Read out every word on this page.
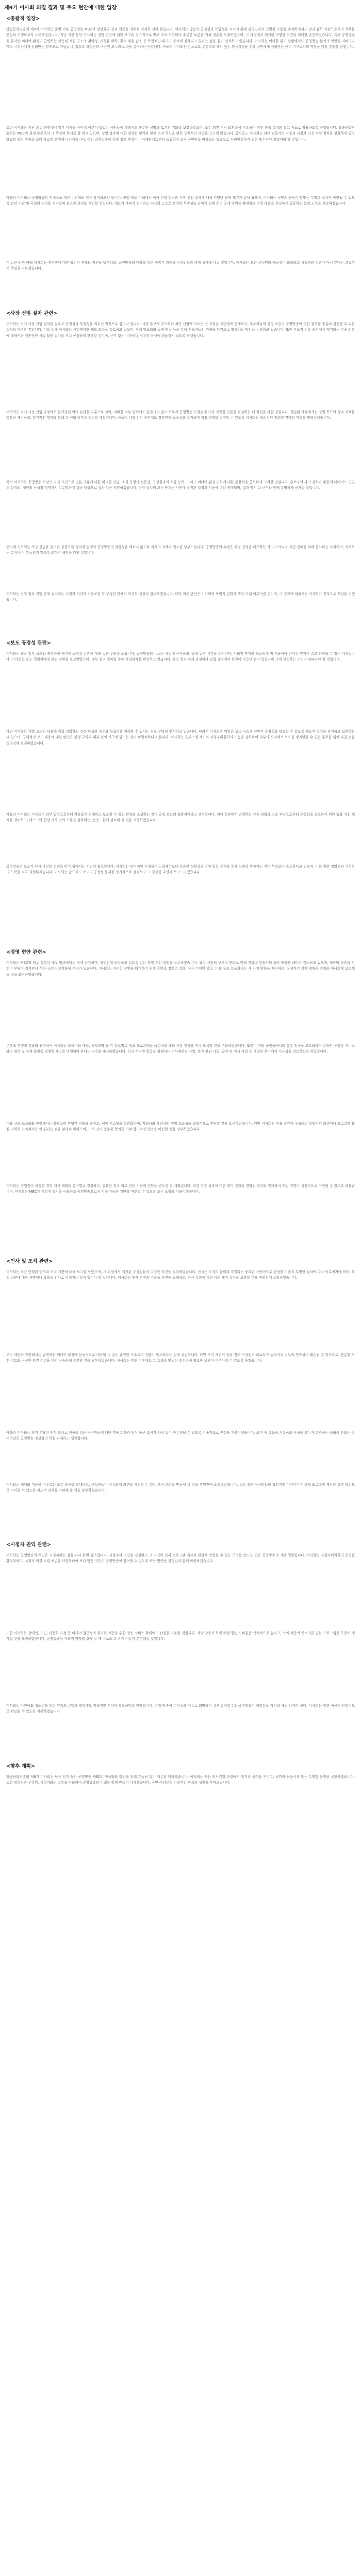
제9기 이사회 의결 결과 및 주요 현안에 대한 입장
<총괄적 입장>

방송문화진흥회 제9기 이사회는 출범 이후 공영방송 MBC의 정상화와 신뢰 회복을 최우선 과제로 삼아 왔습니다. 이사회는 방송의 공정성과 독립성을 지키기 위해 경영진과의 긴밀한 소통을 유지하면서도 관리·감독 기관으로서의 책무를 충실히 이행하고자 노력하였습니다. 지난 기간 동안 이사회는 경영 현안에 대한 보고를 정기적으로 받고 주요 사안마다 충분한 토론을 거쳐 결론을 도출하였으며, 그 과정에서 제기된 다양한 의견을 최대한 존중하였습니다. 특히 공영방송을 둘러싼 미디어 환경이 급변하는 가운데 재원 구조의 취약성, 시청률 하락, 광고 매출 감소 등 복합적인 위기가 동시에 진행되고 있다는 점을 깊이 인식하고 있습니다. 이사회는 이러한 위기 상황에서도 공영방송 본연의 역할을 저버리지 않고 시청자에게 신뢰받는 방송으로 거듭날 수 있도록 경영진과 구성원 모두의 노력을 촉구하는 바입니다. 아울러 이사회는 앞으로도 투명하고 책임 있는 의사결정을 통해 국민에게 신뢰받는 공적 기구로서의 역할을 다할 것임을 밝힙니다.

또한 이사회는 지난 의결 과정에서 일부 이사들 사이에 이견이 있었던 사안들에 대해서도 충분한 설명과 토론의 기회를 보장하였으며, 소수 의견 역시 회의록에 기록하여 향후 정책 결정의 참고 자료로 활용하도록 하였습니다. 방송문화진흥회는 MBC의 최대 주주로서 그 책임의 무게를 잘 알고 있으며, 경영 성과에 대한 냉정한 평가와 함께 조직 혁신을 위한 구체적인 대안을 요구해 왔습니다. 앞으로도 이사회는 외부 전문가의 자문과 시청자 의견 수렴 절차를 강화하여 공영방송의 발전 방향을 보다 폭넓게 모색해 나가겠습니다. 이는 공영방송이 특정 정치 세력이나 이해관계로부터 독립하여 오직 국민만을 바라보는 방송으로 자리매김하기 위한 필수적인 과정이라 할 것입니다.

아울러 이사회는 공영방송의 지배구조 개선 논의에도 적극 참여하고자 합니다. 현행 제도 아래에서 이사 선임 방식과 사장 선임 절차에 대해 다양한 문제 제기가 있어 왔으며, 이사회는 국민의 눈높이에 맞는 투명한 절차가 마련될 수 있도록 관련 기관 및 국회의 논의를 지켜보며 필요한 의견을 개진할 것입니다. 제도가 바뀌기 전이라도 이사회 스스로 운영의 투명성을 높이기 위해 회의 공개 범위를 확대하고 의결 내용을 신속하게 공표하는 등의 노력을 지속하겠습니다.

이 같은 원칙 아래 이사회는 경영진에 대한 합리적 견제와 지원을 병행하고, 공영방송의 미래를 위한 중장기 과제를 구성원들과 함께 설계해 나갈 것입니다. 이사회는 모든 구성원의 자긍심이 회복되고 시청자의 신뢰가 다시 쌓이는 그날까지 책임을 다하겠습니다.

<사장 선임 절차 관련>

이사회는 차기 사장 선임 절차를 앞두고 공정성과 투명성을 최우선 원칙으로 삼고자 합니다. 사장 후보자 공모부터 최종 선임에 이르는 전 과정을 국민에게 공개하고, 후보자들의 경영 비전과 공영방송에 대한 철학을 충분히 검증할 수 있는 절차를 마련할 것입니다. 이를 위해 이사회는 시민평가단 제도 도입을 검토하고 있으며, 정책 발표회와 공개 면접 등을 통해 후보자들의 역량을 다각도로 평가하는 방안을 논의하고 있습니다. 또한 후보자 검증 과정에서 제기되는 각종 의혹에 대해서는 객관적인 사실 확인 절차를 거쳐 공정하게 판단할 것이며, 근거 없는 비방이나 정치적 공세에 휘둘리지 않도록 하겠습니다.

이사회는 과거 사장 선임 과정에서 불거졌던 여러 논란을 교훈으로 삼아, 어떠한 외부 압력에도 흔들리지 않고 오로지 공영방송의 발전에 가장 적합한 인물을 선임하는 데 최선을 다할 것입니다. 선임된 사장에게는 경영 목표와 성과 지표를 명확히 제시하고, 정기적인 평가를 통해 그 이행 여부를 점검할 계획입니다. 아울러 사장 선임 이후에도 경영진이 독립성을 유지하며 책임 경영을 실천할 수 있도록 이사회는 합리적인 지원과 견제의 역할을 병행하겠습니다.

특히 이사회는 공영방송 사장의 자격 요건으로 언론 자유에 대한 확고한 신념, 조직 운영의 전문성, 구성원과의 소통 능력, 그리고 미디어 환경 변화에 대한 통찰력을 중요하게 고려할 것입니다. 후보자의 과거 경력과 활동에 대해서도 면밀히 살피되, 개인의 사생활 영역까지 무분별하게 검증 대상으로 삼는 일은 지양하겠습니다. 선임 절차의 모든 단계는 사전에 공지된 일정과 기준에 따라 진행되며, 결과 역시 그 근거와 함께 투명하게 공개할 것입니다.

동시에 이사회는 사장 선임을 둘러싼 불필요한 정치적 논쟁이 공영방송의 안정성을 해치지 않도록 각계의 자제와 협조를 당부드립니다. 공영방송의 수장은 특정 진영을 대표하는 자리가 아니라 국민 전체를 위해 봉사하는 자리이며, 이사회는 그 원칙이 흔들리지 않도록 끝까지 책임을 다할 것입니다.

이사회는 선임 절차 진행 중에 접수되는 시청자 의견과 노동조합 등 구성원 단체의 의견도 성실히 검토하겠습니다. 다만 최종 판단은 이사회의 독립적 권한과 책임 아래 이루어질 것이며, 그 결과에 대해서는 이사회가 전적으로 책임을 지겠습니다.

<보도 공정성 관련>

이사회는 최근 일부 보도와 관련하여 제기된 공정성 논란에 대해 깊은 우려를 표합니다. 공영방송의 뉴스는 사실에 근거하고, 균형 잡힌 시각을 유지하며, 사회적 약자의 목소리에 귀 기울여야 한다는 원칙은 결코 타협될 수 없는 가치입니다. 이사회는 보도 책임자에게 관련 경위를 보고받았으며, 내부 심의 절차를 통해 사실관계를 확인하고 있습니다. 확인 결과 취재 과정이나 편집 과정에서 원칙에 어긋난 점이 있었다면 그에 상응하는 조치가 뒤따라야 할 것입니다.

다만 이사회는 개별 보도의 내용에 직접 개입하는 것은 편성의 자유와 독립성을 침해할 수 있다는 점을 분명히 인식하고 있습니다. 따라서 이사회의 역할은 보도 시스템 전반이 공정성을 담보할 수 있도록 제도적 장치를 점검하고 보완하는 데 있으며, 구체적인 보도 내용에 대한 판단은 편성 규약과 내부 심의 기구에 맡기는 것이 바람직하다고 봅니다. 이사회는 옴부즈맨 제도와 시청자위원회의 기능을 강화하여 외부의 시각에서 보도를 평가받을 수 있는 통로를 넓혀 나갈 것을 경영진에 요청하였습니다.

아울러 이사회는 기자들이 외부 압력으로부터 자유롭게 취재하고 보도할 수 있는 환경을 조성하는 것이 공정 보도의 출발점이라고 생각합니다. 취재 현장에서 발생하는 각종 위협과 소송 부담으로부터 구성원을 보호하기 위한 법률 지원 체계를 정비하고, 데스크와 현장 기자 간의 소통을 강화하는 방안도 함께 검토해 줄 것을 요청하였습니다.

공영방송의 보도가 다시 국민의 신뢰를 받기 위해서는 시간이 필요합니다. 이사회는 단기적인 시청률이나 화제성보다 꾸준한 정확성과 깊이 있는 분석을 통해 신뢰를 쌓아가는 것이 무엇보다 중요하다고 믿으며, 이를 위한 경영진과 구성원의 노력을 적극 지원하겠습니다. 이사회는 앞으로도 보도의 공정성 문제를 정기적으로 점검하고 그 결과를 국민께 보고드리겠습니다.

<경영 현안 관련>

이사회는 MBC의 재무 상황이 매우 엄중하다는 점에 공감하며, 경영진에 과감하고 실효성 있는 경영 개선 계획을 요구하였습니다. 광고 시장의 구조적 변화로 인해 지상파 방송사의 광고 매출은 해마다 감소하고 있으며, 제작비 상승과 인건비 부담이 겹치면서 적자 구조가 고착화될 우려가 있습니다. 이사회는 이러한 상황을 타개하기 위해 콘텐츠 경쟁력 강화, 신규 수익원 발굴, 비용 구조 효율화라는 세 가지 방향을 제시하고, 구체적인 실행 계획과 일정을 이사회에 보고해 줄 것을 요청하였습니다.

콘텐츠 경쟁력 강화와 관련하여 이사회는 드라마와 예능, 시사교양 등 각 장르별로 대표 프로그램을 육성하고 해외 시장 진출을 적극 모색할 것을 주문하였습니다. 또한 디지털 플랫폼에서의 유통 전략을 고도화하여 온라인 동영상 서비스와의 협력 및 자체 플랫폼 경쟁력 제고를 병행해야 한다는 의견을 제시하였습니다. 신규 수익원 발굴을 위해서는 지식재산권 사업, 부가 판권 사업, 공연 및 전시 사업 등 다양한 분야에서 가능성을 검토하도록 하였습니다.

비용 구조 효율화와 관련해서는 불필요한 관행적 지출을 줄이고, 제작 시스템을 합리화하며, 자회사와 계열사의 경영 효율성을 종합적으로 진단할 것을 요구하였습니다. 다만 이사회는 비용 절감이 구성원의 일방적인 희생이나 프로그램 품질 저하로 이어져서는 안 된다는 점을 분명히 하였으며, 노사 간의 충분한 협의를 거쳐 합리적인 방안을 마련할 것을 당부하였습니다.

이사회는 경영진이 제출한 경영 개선 계획을 분기별로 점검하고, 필요한 경우 외부 전문 기관의 진단을 받도록 할 계획입니다. 또한 경영 성과에 대한 평가 결과를 경영진 평가와 연계하여 책임 경영이 실질적으로 구현될 수 있도록 하겠습니다. 이사회는 MBC가 재정적 위기를 극복하고 공영방송으로서 지속 가능한 기반을 마련할 수 있도록 모든 노력을 기울이겠습니다.

<인사 및 조직 관련>

이사회는 최근 단행된 인사와 조직 개편에 대해 보고를 받았으며, 그 과정에서 제기된 구성원들의 다양한 의견을 청취하였습니다. 인사는 조직의 활력과 직결되는 중요한 사안이므로 공정한 기준과 투명한 절차에 따라 이루어져야 하며, 특정 집단에 대한 차별이나 보복성 인사로 비춰지는 일이 없어야 할 것입니다. 이사회는 인사 원칙과 기준을 사전에 공개하고, 인사 결과에 대한 이의 제기 절차를 보장할 것을 경영진에 요청하였습니다.

조직 개편과 관련해서는 급변하는 미디어 환경에 능동적으로 대응할 수 있는 유연한 구조로의 전환이 필요하다는 점에 공감합니다. 다만 조직 개편이 잦을 경우 구성원의 피로도가 높아지고 업무의 연속성이 훼손될 수 있으므로, 충분한 사전 검토와 구성원 의견 수렴을 거쳐 신중하게 추진할 것을 당부하였습니다. 이사회는 개편 이후에도 그 효과를 면밀히 점검하여 필요한 보완이 이루어질 수 있도록 하겠습니다.

아울러 이사회는 과거 부당한 인사 조치로 피해를 입은 구성원들에 대한 명예 회복과 원상 복구 조치가 차질 없이 마무리될 수 있도록 지속적으로 관심을 기울이겠습니다. 조직 내 갈등을 치유하고 구성원 모두가 화합하는 문화를 만드는 것이야말로 공영방송 정상화의 핵심 과제라고 생각합니다.

이사회는 세대와 직군을 아우르는 소통 창구를 확대하고, 구성원들이 자유롭게 의견을 개진할 수 있는 조직 문화를 만들어 갈 것을 경영진에 요청하였습니다. 특히 젊은 구성원들의 창의적인 아이디어가 실제 프로그램 제작과 경영 혁신으로 이어질 수 있도록 제도적 장치를 마련해 줄 것을 당부하였습니다.

<시청자 권익 관련>

이사회는 공영방송의 주인은 시청자라는 점을 다시 한번 강조합니다. 시청자의 의견을 경청하고 그 의견이 실제 프로그램 제작과 편성에 반영될 수 있는 구조를 만드는 것은 공영방송의 기본 책무입니다. 이사회는 시청자위원회의 운영을 활성화하고, 시청자 의견 수렴 채널을 다양화하여 보다 많은 국민이 공영방송에 참여할 수 있도록 하는 방안을 경영진과 함께 마련하겠습니다.

또한 이사회는 장애인, 노인, 다문화 가정 등 미디어 접근성이 취약한 계층을 위한 방송 서비스 확대에도 관심을 기울일 것입니다. 자막 방송과 화면 해설 방송의 비율을 단계적으로 높이고, 소외 계층의 목소리를 담는 프로그램을 꾸준히 제작할 것을 요청하였습니다. 공영방송이 사회적 약자의 곁에 설 때 비로소 그 존재 이유가 분명해질 것입니다.

이사회는 어린이와 청소년을 위한 양질의 콘텐츠 제작에도 지속적인 투자가 필요하다고 판단합니다. 상업 방송이 수익성을 이유로 외면하기 쉬운 분야일수록 공영방송이 책임감을 가지고 채워 나가야 하며, 이사회는 관련 예산이 안정적으로 확보될 수 있도록 지원하겠습니다.

<향후 계획>

방송문화진흥회 제9기 이사회는 남은 임기 동안 공영방송 MBC의 정상화와 발전을 위해 흔들림 없이 책무를 다하겠습니다. 이사회는 모든 의사결정 과정에서 원칙과 상식을 지키고, 국민의 눈높이에 맞는 투명한 운영을 실천하겠습니다. 또한 경영진과 구성원, 시청자와의 소통을 강화하여 공영방송의 미래를 함께 만들어 나가겠습니다. 국민 여러분의 지속적인 관심과 성원을 부탁드립니다.
